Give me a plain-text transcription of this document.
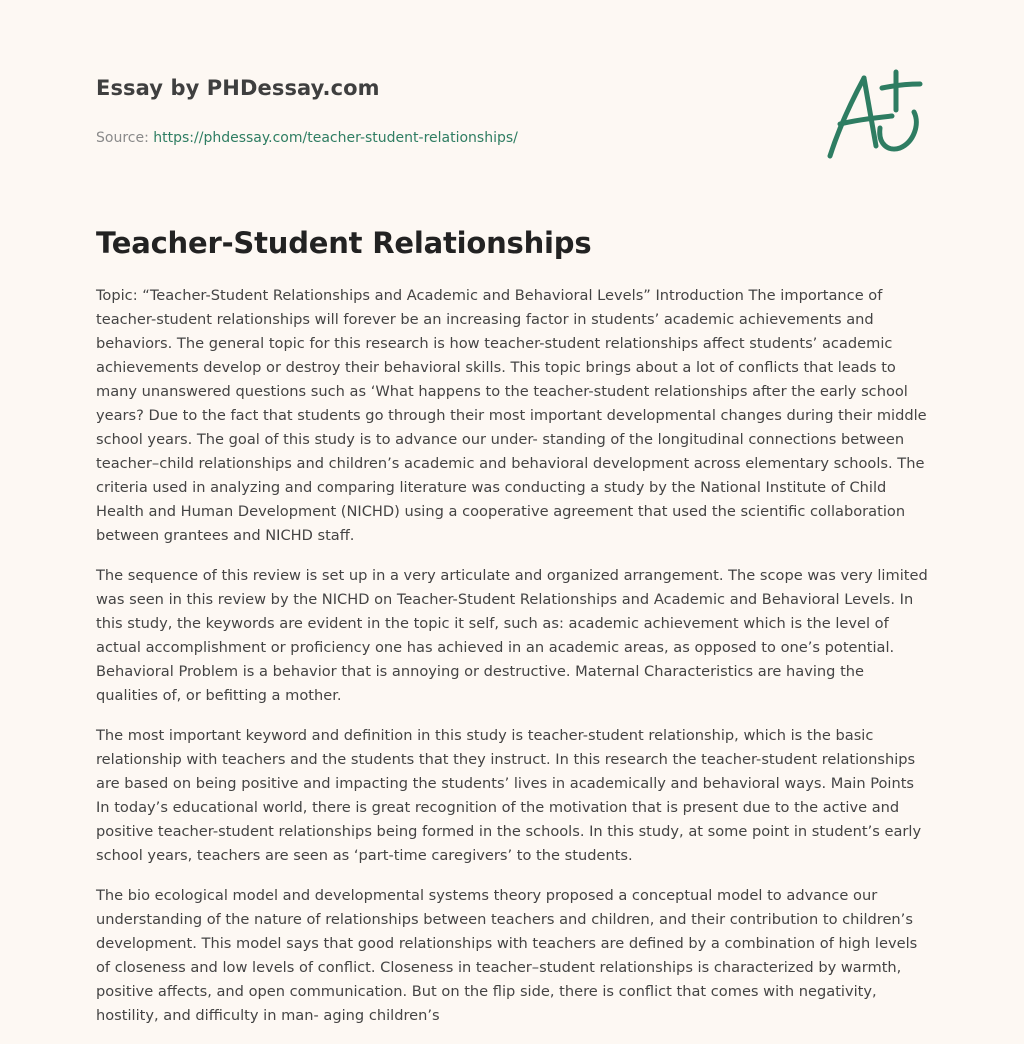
Essay by PHDessay.com
Source: https://phdessay.com/teacher-student-relationships/
Teacher-Student Relationships

Topic: “Teacher-Student Relationships and Academic and Behavioral Levels” Introduction The importance of teacher-student relationships will forever be an increasing factor in students’ academic achievements and behaviors. The general topic for this research is how teacher-student relationships affect students’ academic achievements develop or destroy their behavioral skills. This topic brings about a lot of conflicts that leads to many unanswered questions such as ‘What happens to the teacher-student relationships after the early school years? Due to the fact that students go through their most important developmental changes during their middle school years. The goal of this study is to advance our under- standing of the longitudinal connections between teacher–child relationships and children’s academic and behavioral development across elementary schools. The criteria used in analyzing and comparing literature was conducting a study by the National Institute of Child Health and Human Development (NICHD) using a cooperative agreement that used the scientific collaboration between grantees and NICHD staff.

The sequence of this review is set up in a very articulate and organized arrangement. The scope was very limited was seen in this review by the NICHD on Teacher-Student Relationships and Academic and Behavioral Levels. In this study, the keywords are evident in the topic it self, such as: academic achievement which is the level of actual accomplishment or proficiency one has achieved in an academic areas, as opposed to one’s potential. Behavioral Problem is a behavior that is annoying or destructive. Maternal Characteristics are having the qualities of, or befitting a mother.

The most important keyword and definition in this study is teacher-student relationship, which is the basic relationship with teachers and the students that they instruct. In this research the teacher-student relationships are based on being positive and impacting the students’ lives in academically and behavioral ways. Main Points In today’s educational world, there is great recognition of the motivation that is present due to the active and positive teacher-student relationships being formed in the schools. In this study, at some point in student’s early school years, teachers are seen as ‘part-time caregivers’ to the students.

The bio ecological model and developmental systems theory proposed a conceptual model to advance our understanding of the nature of relationships between teachers and children, and their contribution to children’s development. This model says that good relationships with teachers are defined by a combination of high levels of closeness and low levels of conflict. Closeness in teacher–student relationships is characterized by warmth, positive affects, and open communication. But on the flip side, there is conflict that comes with negativity, hostility, and difficulty in man- aging children’s
